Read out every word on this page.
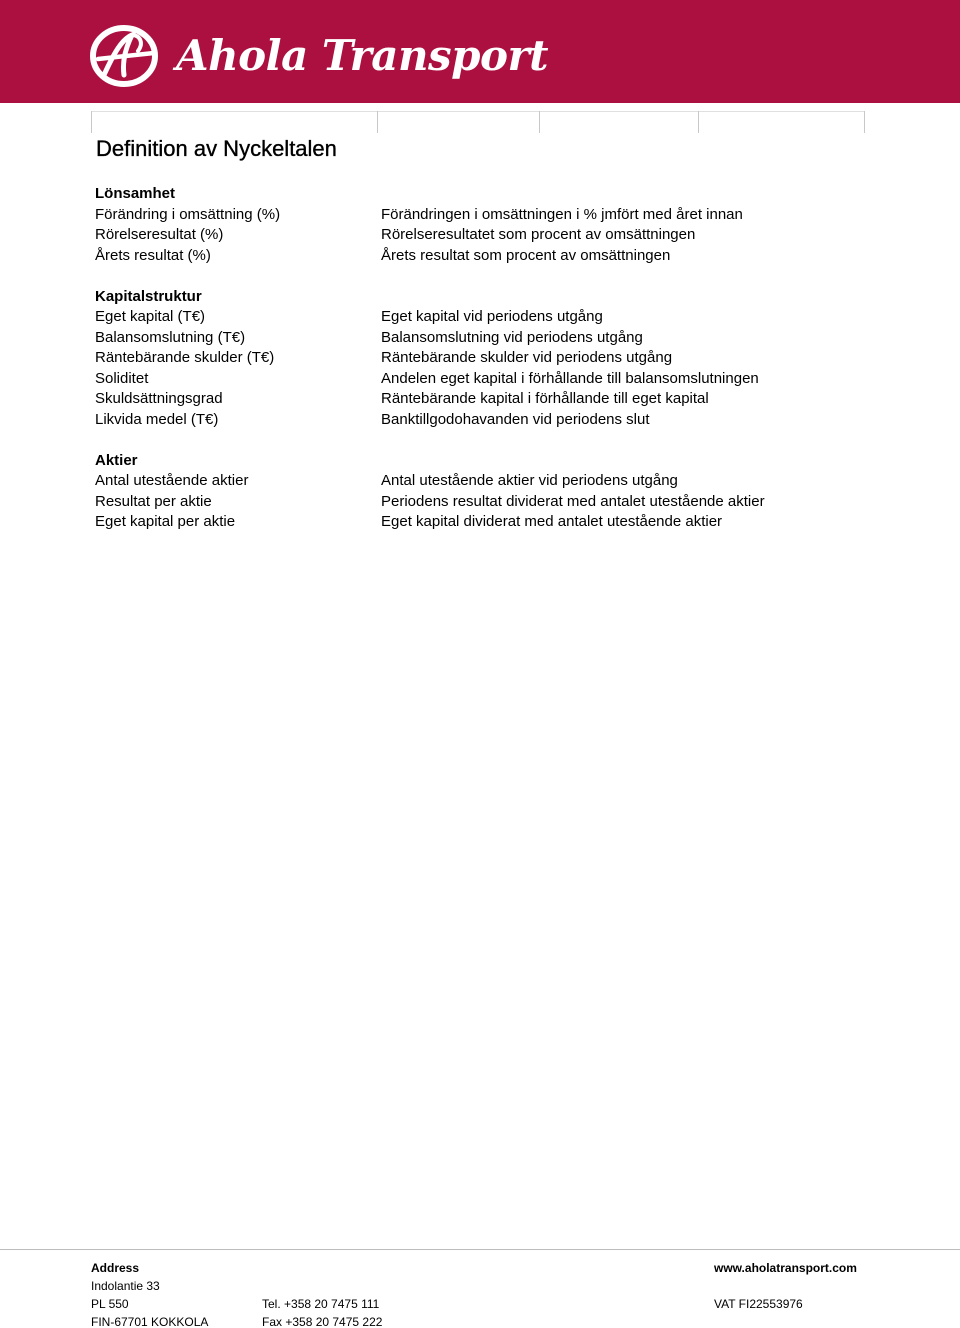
Ahola Transport
Definition av Nyckeltalen
Lönsamhet
Förändring i omsättning (%)
Rörelseresultat (%)
Årets resultat (%)
Kapitalstruktur
Eget kapital (T€)
Balansomslutning (T€)
Räntebärande skulder (T€)
Soliditet
Skuldsättningsgrad
Likvida medel (T€)
Aktier
Antal utestående aktier
Resultat per aktie
Eget kapital per aktie
Förändringen i omsättningen i % jmfört med året innan
Rörelseresultatet som procent av omsättningen
Årets resultat som procent av omsättningen
Eget kapital vid periodens utgång
Balansomslutning vid periodens utgång
Räntebärande skulder vid periodens utgång
Andelen eget kapital i förhållande till balansomslutningen
Räntebärande kapital i förhållande till eget kapital
Banktillgodohavanden vid periodens slut
Antal utestående aktier vid periodens utgång
Periodens resultat dividerat med antalet utestående aktier
Eget kapital dividerat med antalet utestående aktier
Address
Indolantie 33
PL 550
FIN-67701 KOKKOLA
Tel. +358 20 7475 111
Fax +358 20 7475 222
www.aholatransport.com
VAT FI22553976
